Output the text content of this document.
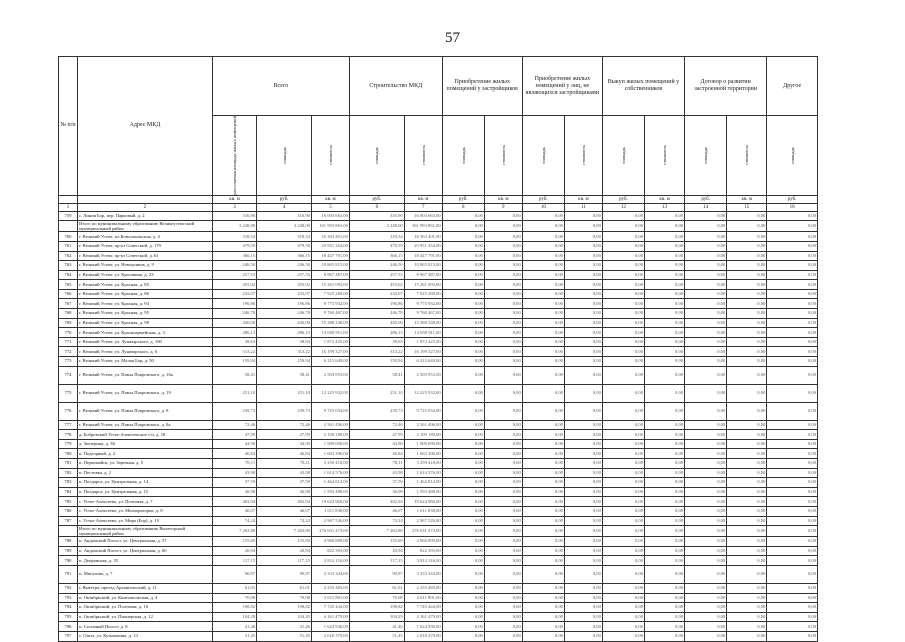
57
№ п/п	Адрес МКД	Всего			Строительство МКД		Приобретение жилых помещений у застройщиков		Приобретение жилых помещений у лиц, не являющихся застройщиками		Выкуп жилых помещений у собственников		Договор о развитии застроенной территории		Другое

		расселяемая площадь жилых помещений	площадь	стоимость	площадь	стоимость	площадь	стоимость	площадь	стоимость	площадь	стоимость	площадь	стоимость	площадь

		кв. м	руб.	кв. м	руб.	кв. м	руб.	кв. м	руб.	кв. м	руб.	кв. м	руб.	кв. м	руб.
1	2	3	4	5	6	7	8	9	10	11	12	13	14	15	16
759	с. Линия Бор, пер. Парковый, д. 2	316,90	316,90	16 003 663,00	316,90	16 003 663,00	0,00	0,00	0,00	0,00	0,00	0,00	0,00	0,00	0,00
	Итого по муниципальному образованию Великоустюгский муниципальный район	3 248,00	3 248,00	161 993 861,00	3 248,00	161 993 861,00	0,00	0,00	0,00	0,00	0,00	0,00	0,00	0,00	0,00
760	г. Великий Устюг, пл Комсомольская, д. 4	318,54	318,54	16 363 401,00	318,54	16 363 401,00	0,00	0,00	0,00	0,00	0,00	0,00	0,00	0,00	0,00
761	г. Великий Устюг, пр-кт Советский, д. 179	479,59	479,59	23 951 354,00	479,59	23 951 354,00	0,00	0,00	0,00	0,00	0,00	0,00	0,00	0,00	0,00
762	г. Великий Устюг, пр-кт Советский, д. 61	366,15	366,15	18 447 791,00	366,15	18 447 791,00	0,00	0,00	0,00	0,00	0,00	0,00	0,00	0,00	0,00
763	г. Великий Устюг, ул. Неводчиков, д. 9	246,50	246,50	10 865 815,00	246,50	10 865 815,00	0,00	0,00	0,00	0,00	0,00	0,00	0,00	0,00	0,00
764	г. Великий Устюг, ул. Красавина, д. 23	257,53	257,53	8 967 487,00	257,53	8 967 487,00	0,00	0,00	0,00	0,00	0,00	0,00	0,00	0,00	0,00
765	г. Великий Устюг, ул. Красная, д. 85	455,02	455,02	15 261 093,00	455,02	15 261 093,00	0,00	0,00	0,00	0,00	0,00	0,00	0,00	0,00	0,00
766	г. Великий Устюг, ул. Красная, д. 86	233,07	233,07	7 925 280,00	233,07	7 925 280,00	0,00	0,00	0,00	0,00	0,00	0,00	0,00	0,00	0,00
767	г. Великий Устюг, ул. Красная, д. 94	196,86	196,86	9 775 932,00	196,86	9 775 932,00	0,00	0,00	0,00	0,00	0,00	0,00	0,00	0,00	0,00
768	г. Великий Устюг, ул. Красная, д. 95	246,78	246,78	9 760 467,00	246,78	9 760 467,00	0,00	0,00	0,00	0,00	0,00	0,00	0,00	0,00	0,00
769	г. Великий Устюг, ул. Красная, д. 98	440,00	440,00	15 388 248,00	440,00	15 388 248,00	0,00	0,00	0,00	0,00	0,00	0,00	0,00	0,00	0,00
770	г. Великий Устюг, ул. Красноармейская, д. 3	286,13	286,13	13 650 911,00	286,13	13 650 911,00	0,00	0,00	0,00	0,00	0,00	0,00	0,00	0,00	0,00
771	г. Великий Устюг, ул. Луначарского, д. 100	38,63	38,63	1 872 425,00	38,63	1 872 425,00	0,00	0,00	0,00	0,00	0,00	0,00	0,00	0,00	0,00
772	г. Великий Устюг, ул. Луначарского, д. 6	313,22	313,22	16 199 327,00	313,22	16 199 327,00	0,00	0,00	0,00	0,00	0,00	0,00	0,00	0,00	0,00
773	г. Великий Устюг, ул. Малая Бор, д. 50	159,94	159,94	6 215 649,00	159,94	6 215 649,00	0,00	0,00	0,00	0,00	0,00	0,00	0,00	0,00	0,00
774	г. Великий Устюг, ул. Павла Покровского, д. 16а	58,41	58,41	2 503 953,00	58,41	2 503 953,00	0,00	0,00	0,00	0,00	0,00	0,00	0,00	0,00	0,00
775	г. Великий Устюг, ул. Павла Покровского, д. 19	251,10	251,10	12 225 932,00	251,10	12 225 932,00	0,00	0,00	0,00	0,00	0,00	0,00	0,00	0,00	0,00
776	г. Великий Устюг, ул. Павла Покровского, д. 8	239,73	239,73	9 725 054,00	239,73	9 725 054,00	0,00	0,00	0,00	0,00	0,00	0,00	0,00	0,00	0,00
777	г. Великий Устюг, ул. Павла Покровского, д. 8а	72,46	72,46	2 561 496,00	72,46	2 561 496,00	0,00	0,00	0,00	0,00	0,00	0,00	0,00	0,00	0,00
778	д. Бобровский Устье-Алексеевское с/п, д. 18	47,99	47,99	2 109 189,00	47,99	2 109 189,00	0,00	0,00	0,00	0,00	0,00	0,00	0,00	0,00	0,00
779	д. Заозерица, д. 36	44,90	44,90	1 909 090,00	44,90	1 909 090,00	0,00	0,00	0,00	0,00	0,00	0,00	0,00	0,00	0,00
780	п. Подгорный, д. 2	46,84	46,84	1 663 396,00	46,84	1 663 396,00	0,00	0,00	0,00	0,00	0,00	0,00	0,00	0,00	0,00
781	п. Первомайск, ул. Заречная, д. 5	78,11	78,11	3 259 418,00	78,11	3 259 418,00	0,00	0,00	0,00	0,00	0,00	0,00	0,00	0,00	0,00
782	п. Пестовка, д. 2	43,98	43,98	1 614 576,00	43,98	1 614 576,00	0,00	0,00	0,00	0,00	0,00	0,00	0,00	0,00	0,00
783	п. Полдарса, ул. Центральная, д. 14	37,59	37,59	1 464 814,00	37,59	1 464 814,00	0,00	0,00	0,00	0,00	0,00	0,00	0,00	0,00	0,00
784	п. Полдарса, ул. Центральная, д. 15	36,98	36,98	1 593 488,00	36,98	1 593 488,00	0,00	0,00	0,00	0,00	0,00	0,00	0,00	0,00	0,00
785	с. Устье-Алексеево, ул. Почтовая, д. 7	482,94	482,94	19 624 960,00	482,94	19 624 960,00	0,00	0,00	0,00	0,00	0,00	0,00	0,00	0,00	0,00
786	с. Устье-Алексеево, ул. Мелиораторов, д. 8	46,07	46,07	1 611 838,00	46,07	1 611 838,00	0,00	0,00	0,00	0,00	0,00	0,00	0,00	0,00	0,00
787	с. Устье-Алексеево, ул. Мира (Бор), д. 19	74,24	74,24	2 967 526,00	74,24	2 967 526,00	0,00	0,00	0,00	0,00	0,00	0,00	0,00	0,00	0,00
	Итого по муниципальному образованию Вытегорский муниципальный район	7 263,80	7 263,80	276 631 473,00	7 263,80	276 631 473,00	0,00	0,00	0,00	0,00	0,00	0,00	0,00	0,00	0,00
788	п. Андомский Погост, ул. Центральная, д. 57	155,69	155,69	4 966 899,00	155,69	4 966 899,00	0,00	0,00	0,00	0,00	0,00	0,00	0,00	0,00	0,00
789	п. Андомский Погост, ул. Центральная, д. 60	20,94	20,94	822 393,00	20,94	822 393,00	0,00	0,00	0,00	0,00	0,00	0,00	0,00	0,00	0,00
790	п. Депровская, д. 35	117,15	117,15	3 812 116,00	117,15	3 812 116,00	0,00	0,00	0,00	0,00	0,00	0,00	0,00	0,00	0,00
791	п. Мигалово, д. 7	90,87	90,87	3 333 344,00	90,87	3 333 344,00	0,00	0,00	0,00	0,00	0,00	0,00	0,00	0,00	0,00
792	г. Вытегра, проезд Архангельский, д. 11	61,01	61,01	2 235 483,00	61,01	2 235 483,00	0,00	0,00	0,00	0,00	0,00	0,00	0,00	0,00	0,00
793	п. Октябрьский, ул. Комсомольская, д. 4	70,08	70,08	2 611 801,00	70,08	2 611 801,00	0,00	0,00	0,00	0,00	0,00	0,00	0,00	0,00	0,00
794	п. Октябрьский, ул. Почтовая, д. 10	198,82	198,82	7 745 444,00	198,82	7 745 444,00	0,00	0,00	0,00	0,00	0,00	0,00	0,00	0,00	0,00
795	п. Октябрьский, ул. Пионерская, д. 12	104,29	104,29	4 161 479,00	104,29	4 161 479,00	0,00	0,00	0,00	0,00	0,00	0,00	0,00	0,00	0,00
796	п. Сосновый Погост, д. 8	41,46	41,46	1 624 936,00	41,46	1 624 936,00	0,00	0,00	0,00	0,00	0,00	0,00	0,00	0,00	0,00
797	с. Ошта, ул. Кузьмакина, д. 13	51,45	51,45	2 018 379,00	51,45	2 018 379,00	0,00	0,00	0,00	0,00	0,00	0,00	0,00	0,00	0,00
